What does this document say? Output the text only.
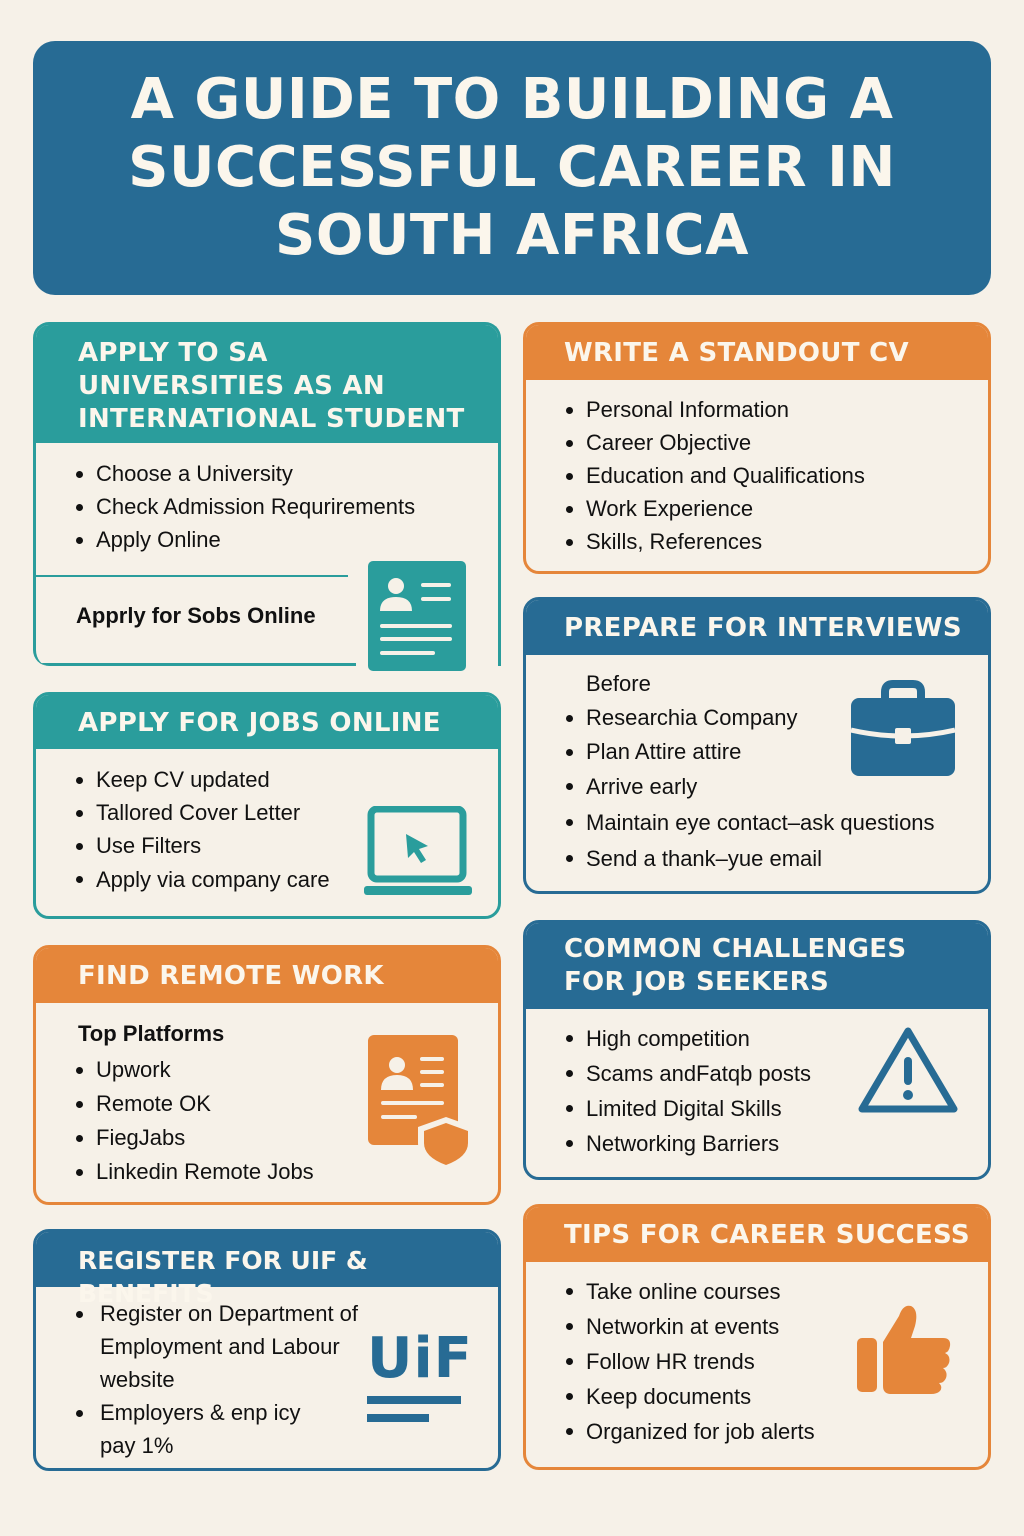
A GUIDE TO BUILDING A SUCCESSFUL CAREER IN SOUTH AFRICA
APPLY TO SA UNIVERSITIES AS AN INTERNATIONAL STUDENT
Choose a University
Check Admission Requrirements
Apply Online
Apprly for Sobs Online
WRITE A STANDOUT CV
Personal Information
Career Objective
Education and Qualifications
Work Experience
Skills, References
PREPARE FOR INTERVIEWS
Before
Researchia Company
Plan Attire attire
Arrive early
Maintain eye contact–ask questions
Send a thank–yue email
APPLY FOR JOBS ONLINE
Keep CV updated
Tallored Cover Letter
Use Filters
Apply via company care
FIND REMOTE WORK
Top Platforms
Upwork
Remote OK
FiegJabs
Linkedin Remote Jobs
COMMON CHALLENGES FOR JOB SEEKERS
High competition
Scams andFatqb posts
Limited Digital Skills
Networking Barriers
REGISTER FOR UIF & BENEFITS
Register on Department of Employment and Labour website
Employers & enp icy pay 1%
UiF
TIPS FOR CAREER SUCCESS
Take online courses
Networkin at events
Follow HR trends
Keep documents
Organized for job alerts
